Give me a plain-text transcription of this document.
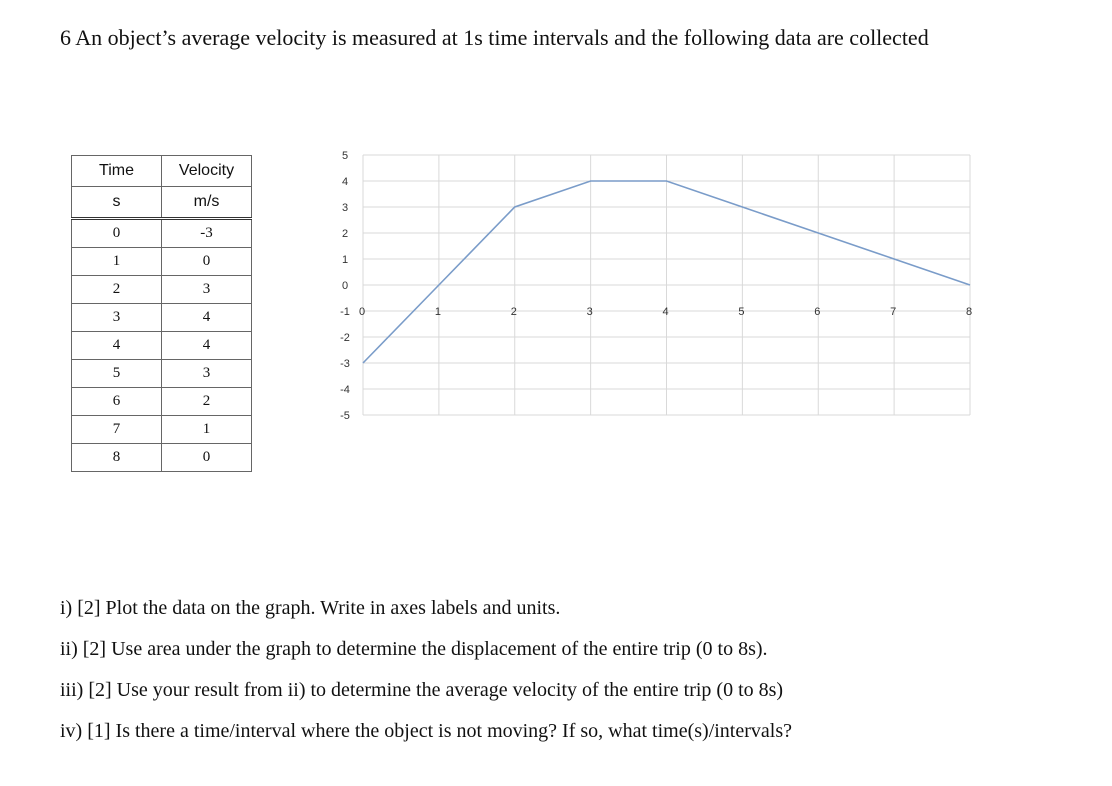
6 An object’s average velocity is measured at 1s time intervals and the following data are collected

Time	Velocity
s	m/s
0	-3
1	0
2	3
3	4
4	4
5	3
6	2
7	1
8	0
5
4
3
2
1
0
-1
-2
-3
-4
-5
0	1	2	3	4	5	6	7	8
i) [2] Plot the data on the graph. Write in axes labels and units.
ii) [2] Use area under the graph to determine the displacement of the entire trip (0 to 8s).
iii) [2] Use your result from ii) to determine the average velocity of the entire trip (0 to 8s)
iv) [1] Is there a time/interval where the object is not moving? If so, what time(s)/intervals?
